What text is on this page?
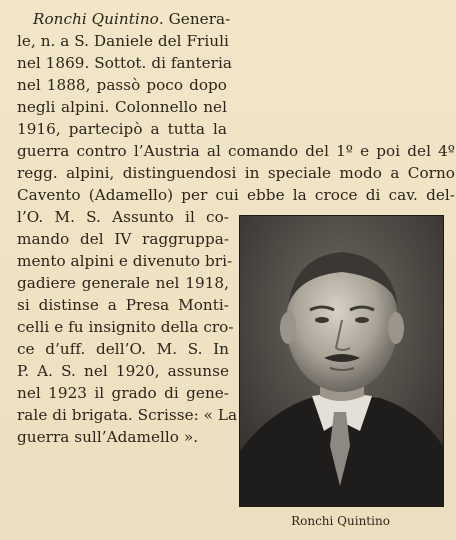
Ronchi Quintino. Genera-
le, n. a S. Daniele del Friuli
nel 1869. Sottot. di fanteria
nel 1888, passò poco dopo
negli alpini. Colonnello nel
1916, partecipò a tutta la
guerra contro l’Austria al comando del 1º e poi del 4º
regg. alpini, distinguendosi in speciale modo a Corno
Cavento (Adamello) per cui ebbe la croce di cav. del-
l’O. M. S. Assunto il co-
mando del IV raggruppa-
mento alpini e divenuto bri-
gadiere generale nel 1918,
si distinse a Presa Monti-
celli e fu insignito della cro-
ce d’uff. dell’O. M. S. In
P. A. S. nel 1920, assunse
nel 1923 il grado di gene-
rale di brigata. Scrisse: « La
guerra sull’Adamello ».
Ronchi Quintino
